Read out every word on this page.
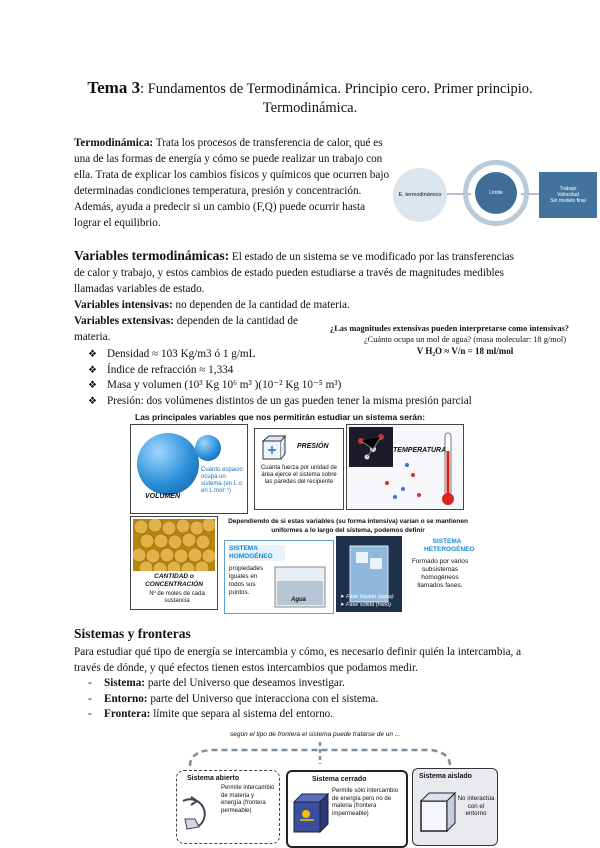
Tema 3: Fundamentos de Termodinámica. Principio cero. Primer principio. Termodinámica.

Termodinámica: Trata los procesos de transferencia de calor, qué es una de las formas de energía y cómo se puede realizar un trabajo con ella. Trata de explicar los cambios físicos y químicos que ocurren bajo determinadas condiciones temperatura, presión y concentración. Además, ayuda a predecir si un cambio (F,Q) puede ocurrir hasta lograr el equilibrio.

E. termodinámico	Límite
Trabajo
Velocidad
Sin modelo final

Variables termodinámicas: El estado de un sistema se ve modificado por las transferencias de calor y trabajo, y estos cambios de estado pueden estudiarse a través de magnitudes medibles llamadas variables de estado.

Variables intensivas: no dependen de la cantidad de materia.

Variables extensivas: dependen de la cantidad de materia.

¿Las magnitudes extensivas pueden interpretarse como intensivas?

¿Cuánto ocupa un mol de agua? (masa molecular: 18 g/mol)

V H₂O ≈ V/n = 18 ml/mol

❖ Densidad ≈ 103 Kg/m3 ó 1 g/mL
❖ Índice de refracción ≈ 1,334
❖ Masa y volumen (10³ Kg 10⁶ m³ )(10⁻² Kg 10⁻⁵ m³)
❖ Presión: dos volúmenes distintos de un gas pueden tener la misma presión parcial

Las principales variables que nos permitirán estudiar un sistema serán:

Cuánto espacio ocupa un sistema (en L o en L mol⁻¹)

VOLUMEN

PRESIÓN

Cuánta fuerza por unidad de área ejerce el sistema sobre las paredes del recipiente

TEMPERATURA

CANTIDAD o CONCENTRACIÓN

Nº de moles de cada sustancia

Dependiendo de si estas variables (su forma intensiva) varían o se mantienen uniformes a lo largo del sistema, podemos definir

SISTEMA HOMOGÉNEO

propiedades iguales en todos sus puntos.

Agua

SISTEMA HETEROGÉNEO

Formado por varios subsistemas homogéneos llamados fases.

➤ Fase líquida (agua)

➤ Fase sólida (hielo)

Sistemas y fronteras

Para estudiar qué tipo de energía se intercambia y cómo, es necesario definir quién la intercambia, a través de dónde, y qué efectos tienen estos intercambios que podamos medir.

- Sistema: parte del Universo que deseamos investigar.
- Entorno: parte del Universo que interacciona con el sistema.
- Frontera: límite que separa al sistema del entorno.

según el tipo de frontera el sistema puede tratarse de un ...

Sistema abierto

Permite intercambio de materia y energía (frontera permeable)

Sistema cerrado

Permite sólo intercambio de energía pero no de materia (frontera impermeable)

Sistema aislado

No interactúa con el entorno
